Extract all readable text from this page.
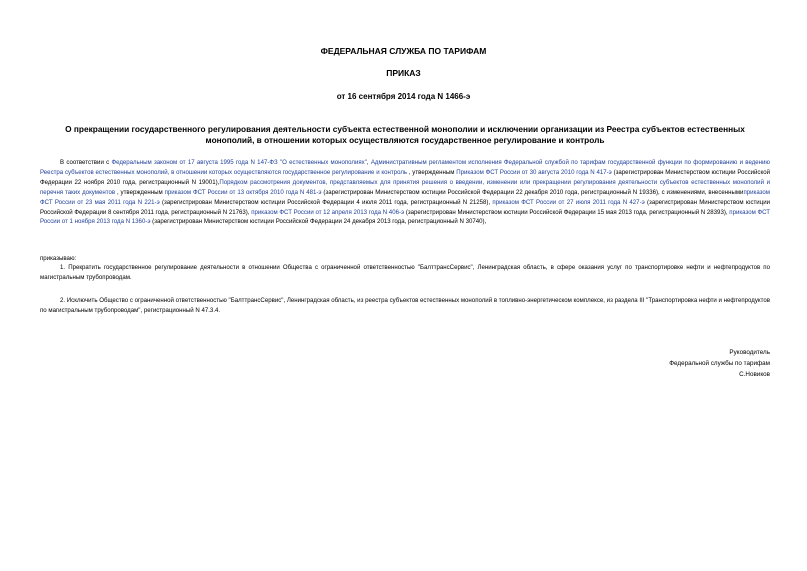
ФЕДЕРАЛЬНАЯ СЛУЖБА ПО ТАРИФАМ
ПРИКАЗ
от 16 сентября 2014 года N 1466-э
О прекращении государственного регулирования деятельности субъекта естественной монополии и исключении организации из Реестра субъектов естественных монополий, в отношении которых осуществляются государственное регулирование и контроль
В соответствии с Федеральным законом от 17 августа 1995 года N 147-ФЗ "О естественных монополиях", Административным регламентом исполнения Федеральной службой по тарифам государственной функции по формированию и ведению Реестра субъектов естественных монополий, в отношении которых осуществляются государственное регулирование и контроль , утвержденным Приказом ФСТ России от 30 августа 2010 года N 417-э (зарегистрирован Министерством юстиции Российской Федерации 22 ноября 2010 года, регистрационный N 19001),Порядком рассмотрения документов, представляемых для принятия решения о введении, изменении или прекращении регулирования деятельности субъектов естественных монополий и перечня таких документов , утвержденным приказом ФСТ России от 13 октября 2010 года N 481-э (зарегистрирован Министерством юстиции Российской Федерации 22 декабря 2010 года, регистрационный N 19336), с изменениями, внесеннымиприказом ФСТ России от 23 мая 2011 года N 221-э (зарегистрирован Министерством юстиции Российской Федерации 4 июля 2011 года, регистрационный N 21258), приказом ФСТ России от 27 июля 2011 года N 427-э (зарегистрирован Министерством юстиции Российской Федерации 8 сентября 2011 года, регистрационный N 21763), приказом ФСТ России от 12 апреля 2013 года N 406-э (зарегистрирован Министерством юстиции Российской Федерации 15 мая 2013 года, регистрационный N 28393), приказом ФСТ России от 1 ноября 2013 года N 1360-э (зарегистрирован Министерством юстиции Российской Федерации 24 декабря 2013 года, регистрационный N 30740),
приказываю:
1. Прекратить государственное регулирование деятельности в отношении Общества с ограниченной ответственностью "БалттрансСервис", Ленинградская область, в сфере оказания услуг по транспортировке нефти и нефтепродуктов по магистральным трубопроводам.
2. Исключить Общество с ограниченной ответственностью "БалттрансСервис", Ленинградская область, из реестра субъектов естественных монополий в топливно-энергетическом комплексе, из раздела III "Транспортировка нефти и нефтепродуктов по магистральным трубопроводам", регистрационный N 47.3.4.
Руководитель
Федеральной службы по тарифам
С.Новиков
